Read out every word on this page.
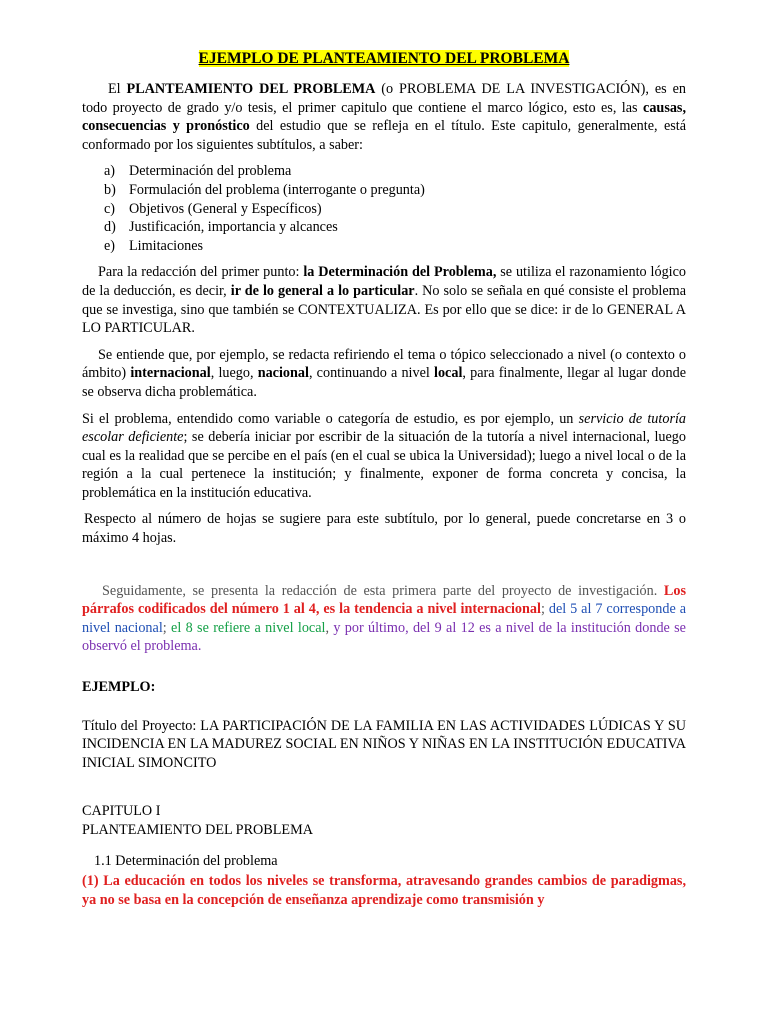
EJEMPLO DE PLANTEAMIENTO DEL PROBLEMA

El PLANTEAMIENTO DEL PROBLEMA (o PROBLEMA DE LA INVESTIGACIÓN), es en todo proyecto de grado y/o tesis, el primer capitulo que contiene el marco lógico, esto es, las causas, consecuencias y pronóstico del estudio que se refleja en el título. Este capitulo, generalmente, está conformado por los siguientes subtítulos, a saber:

a) Determinación del problema
b) Formulación del problema (interrogante o pregunta)
c) Objetivos (General y Específicos)
d) Justificación, importancia y alcances
e) Limitaciones

Para la redacción del primer punto: la Determinación del Problema, se utiliza el razonamiento lógico de la deducción, es decir, ir de lo general a lo particular. No solo se señala en qué consiste el problema que se investiga, sino que también se CONTEXTUALIZA. Es por ello que se dice: ir de lo GENERAL A LO PARTICULAR.

Se entiende que, por ejemplo, se redacta refiriendo el tema o tópico seleccionado a nivel (o contexto o ámbito) internacional, luego, nacional, continuando a nivel local, para finalmente, llegar al lugar donde se observa dicha problemática.

Si el problema, entendido como variable o categoría de estudio, es por ejemplo, un servicio de tutoría escolar deficiente; se debería iniciar por escribir de la situación de la tutoría a nivel internacional, luego cual es la realidad que se percibe en el país (en el cual se ubica la Universidad); luego a nivel local o de la región a la cual pertenece la institución; y finalmente, exponer de forma concreta y concisa, la problemática en la institución educativa.

Respecto al número de hojas se sugiere para este subtítulo, por lo general, puede concretarse en 3 o máximo 4 hojas.

Seguidamente, se presenta la redacción de esta primera parte del proyecto de investigación. Los párrafos codificados del número 1 al 4, es la tendencia a nivel internacional; del 5 al 7 corresponde a nivel nacional; el 8 se refiere a nivel local, y por último, del 9 al 12 es a nivel de la institución donde se observó el problema.

EJEMPLO:

Título del Proyecto: LA PARTICIPACIÓN DE LA FAMILIA EN LAS ACTIVIDADES LÚDICAS Y SU INCIDENCIA EN LA MADUREZ SOCIAL EN NIÑOS Y NIÑAS EN LA INSTITUCIÓN EDUCATIVA INICIAL SIMONCITO

CAPITULO I

PLANTEAMIENTO DEL PROBLEMA

1.1 Determinación del problema

(1) La educación en todos los niveles se transforma, atravesando grandes cambios de paradigmas, ya no se basa en la concepción de enseñanza aprendizaje como transmisión y
